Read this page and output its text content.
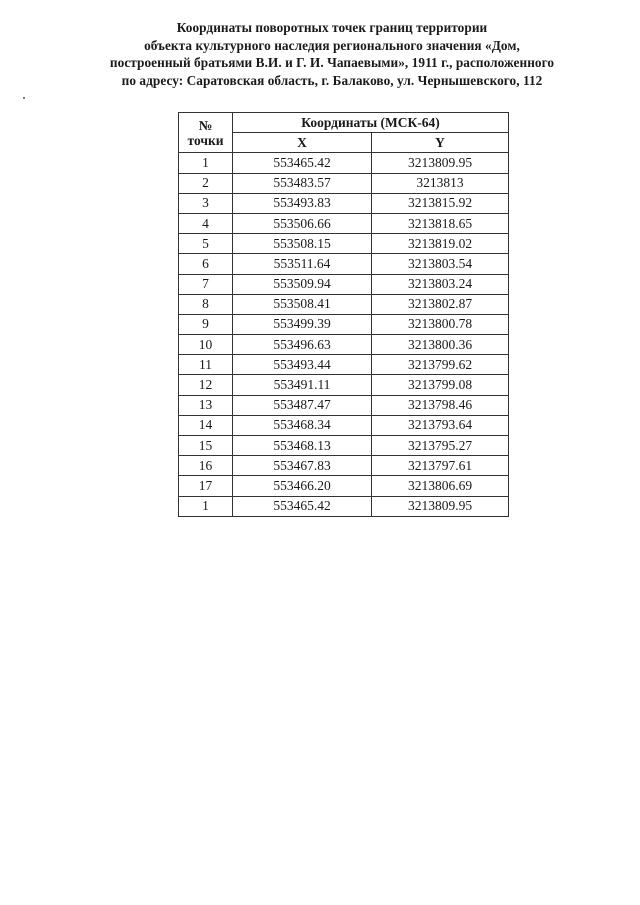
Координаты поворотных точек границ территории
объекта культурного наследия регионального значения «Дом,
построенный братьями В.И. и Г. И. Чапаевыми», 1911 г., расположенного
по адресу: Саратовская область, г. Балаково, ул. Чернышевского, 112
№
точки	Координаты (МСК-64)	
	X	Y
1	553465.42	3213809.95
2	553483.57	3213813
3	553493.83	3213815.92
4	553506.66	3213818.65
5	553508.15	3213819.02
6	553511.64	3213803.54
7	553509.94	3213803.24
8	553508.41	3213802.87
9	553499.39	3213800.78
10	553496.63	3213800.36
11	553493.44	3213799.62
12	553491.11	3213799.08
13	553487.47	3213798.46
14	553468.34	3213793.64
15	553468.13	3213795.27
16	553467.83	3213797.61
17	553466.20	3213806.69
1	553465.42	3213809.95
